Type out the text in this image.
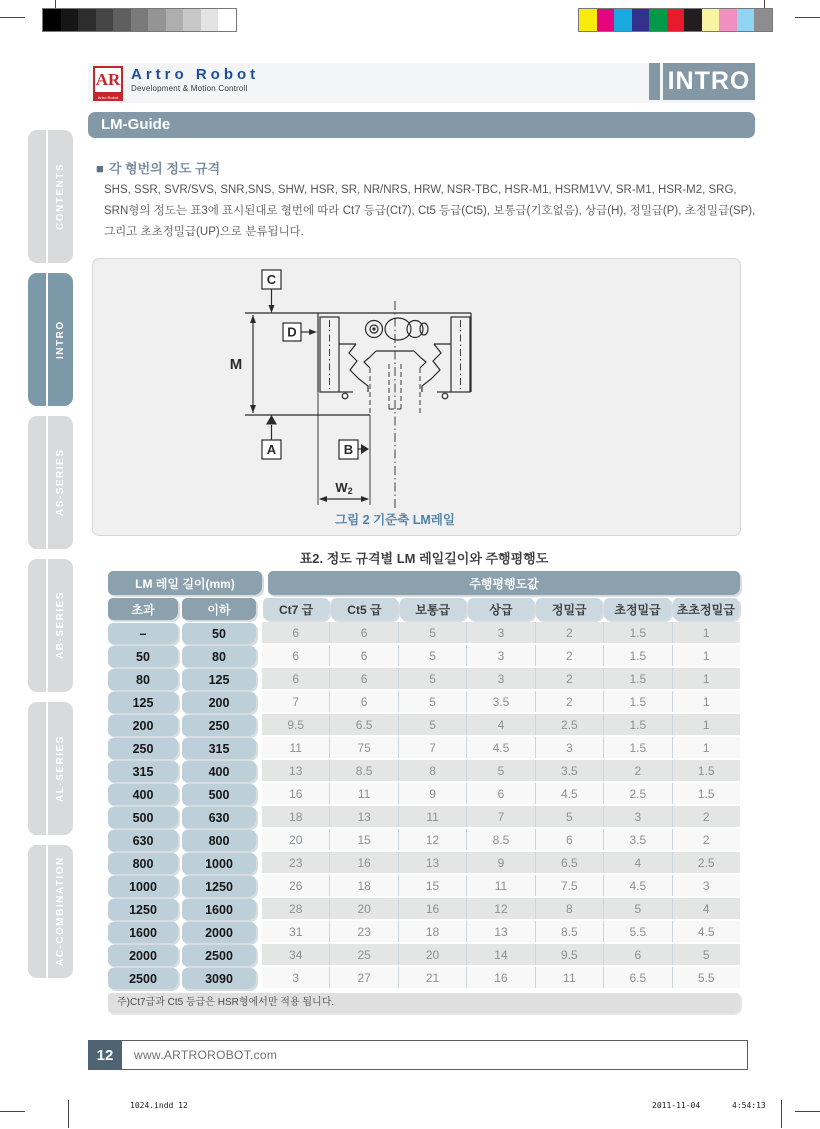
CONTENTS
INTRO
AS-SERIES
AB-SERIES
AL-SERIES
AC-COMBINATION
AR
Artro Robot
Artro Robot
Development & Motion Controll	INTRO
LM-Guide
■ 각 형번의 정도 규격
SHS, SSR, SVR/SVS, SNR,SNS, SHW, HSR, SR, NR/NRS, HRW, NSR-TBC, HSR-M1, HSRM1VV, SR-M1, HSR-M2, SRG, SRN형의 정도는 표3에 표시된대로 형번에 따라 Ct7 등급(Ct7), Ct5 등급(Ct5), 보통급(기호없음), 상급(H), 정밀급(P), 초정밀급(SP), 그리고 초초정밀급(UP)으로 분류됩니다.
C
D
A	B
M
W2
그림 2 기준축 LM레일
표2. 정도 규격별 LM 레일길이와 주행평행도
LM 레일 길이(mm)	주행평행도값
초과	이하	Ct7 급	Ct5 급	보통급	상급	정밀급	초정밀급	초초정밀급
–	50	6	6	5	3	2	1.5	1
50	80	6	6	5	3	2	1.5	1
80	125	6	6	5	3	2	1.5	1
125	200	7	6	5	3.5	2	1.5	1
200	250	9.5	6.5	5	4	2.5	1.5	1
250	315	11	75	7	4.5	3	1.5	1
315	400	13	8.5	8	5	3.5	2	1.5
400	500	16	11	9	6	4.5	2.5	1.5
500	630	18	13	11	7	5	3	2
630	800	20	15	12	8.5	6	3.5	2
800	1000	23	16	13	9	6.5	4	2.5
1000	1250	26	18	15	11	7.5	4.5	3
1250	1600	28	20	16	12	8	5	4
1600	2000	31	23	18	13	8.5	5.5	4.5
2000	2500	34	25	20	14	9.5	6	5
2500	3090	3	27	21	16	11	6.5	5.5
주)Ct7급과 Ct5 등급은 HSR형에서만 적용 됩니다.
12	www.ARTROROBOT.com
1024.indd 12	2011-11-04	4:54:13
